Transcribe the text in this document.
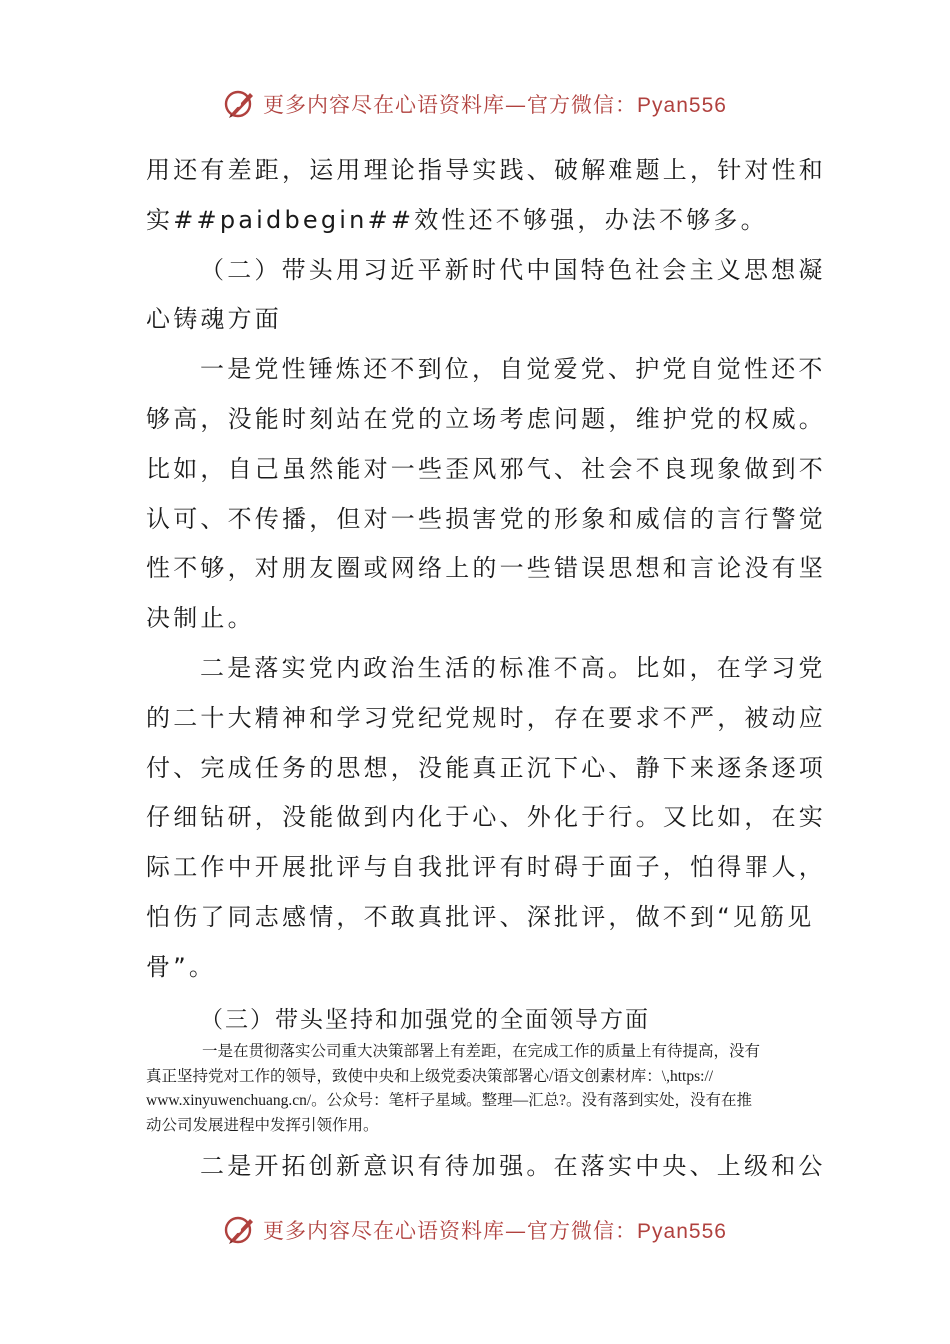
更多内容尽在心语资料库—官方微信：Pyan556

用还有差距，运用理论指导实践、破解难题上，针对性和

实##paidbegin##效性还不够强，办法不够多。

（二）带头用习近平新时代中国特色社会主义思想凝

心铸魂方面

一是党性锤炼还不到位，自觉爱党、护党自觉性还不

够高，没能时刻站在党的立场考虑问题，维护党的权威。

比如，自己虽然能对一些歪风邪气、社会不良现象做到不

认可、不传播，但对一些损害党的形象和威信的言行警觉

性不够，对朋友圈或网络上的一些错误思想和言论没有坚

决制止。

二是落实党内政治生活的标准不高。比如，在学习党

的二十大精神和学习党纪党规时，存在要求不严，被动应

付、完成任务的思想，没能真正沉下心、静下来逐条逐项

仔细钻研，没能做到内化于心、外化于行。又比如，在实

际工作中开展批评与自我批评有时碍于面子，怕得罪人，

怕伤了同志感情，不敢真批评、深批评，做不到“见筋见

骨”。

（三）带头坚持和加强党的全面领导方面

一是在贯彻落实公司重大决策部署上有差距，在完成工作的质量上有待提高，没有
真正坚持党对工作的领导，致使中央和上级党委决策部署心/语文创素材库：\,https://
www.xinyuwenchuang.cn/。公众号：笔杆子星域。整理—汇总?。没有落到实处，没有在推
动公司发展进程中发挥引领作用。

二是开拓创新意识有待加强。在落实中央、上级和公

更多内容尽在心语资料库—官方微信：Pyan556
